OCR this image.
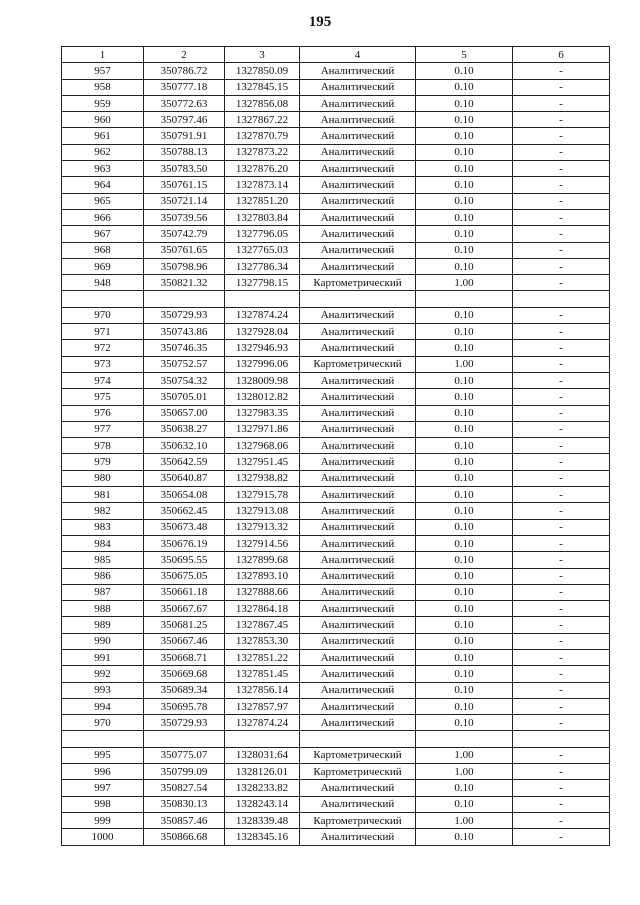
195
1	2	3	4	5	6
957	350786.72	1327850.09	Аналитический	0.10	-
958	350777.18	1327845.15	Аналитический	0.10	-
959	350772.63	1327856.08	Аналитический	0.10	-
960	350797.46	1327867.22	Аналитический	0.10	-
961	350791.91	1327870.79	Аналитический	0.10	-
962	350788.13	1327873.22	Аналитический	0.10	-
963	350783.50	1327876.20	Аналитический	0.10	-
964	350761.15	1327873.14	Аналитический	0.10	-
965	350721.14	1327851.20	Аналитический	0.10	-
966	350739.56	1327803.84	Аналитический	0.10	-
967	350742.79	1327796.05	Аналитический	0.10	-
968	350761.65	1327765.03	Аналитический	0.10	-
969	350798.96	1327786.34	Аналитический	0.10	-
948	350821.32	1327798.15	Картометрический	1.00	-

970	350729.93	1327874.24	Аналитический	0.10	-
971	350743.86	1327928.04	Аналитический	0.10	-
972	350746.35	1327946.93	Аналитический	0.10	-
973	350752.57	1327996.06	Картометрический	1.00	-
974	350754.32	1328009.98	Аналитический	0.10	-
975	350705.01	1328012.82	Аналитический	0.10	-
976	350657.00	1327983.35	Аналитический	0.10	-
977	350638.27	1327971.86	Аналитический	0.10	-
978	350632.10	1327968.06	Аналитический	0.10	-
979	350642.59	1327951.45	Аналитический	0.10	-
980	350640.87	1327938.82	Аналитический	0.10	-
981	350654.08	1327915.78	Аналитический	0.10	-
982	350662.45	1327913.08	Аналитический	0.10	-
983	350673.48	1327913.32	Аналитический	0.10	-
984	350676.19	1327914.56	Аналитический	0.10	-
985	350695.55	1327899.68	Аналитический	0.10	-
986	350675.05	1327893.10	Аналитический	0.10	-
987	350661.18	1327888.66	Аналитический	0.10	-
988	350667.67	1327864.18	Аналитический	0.10	-
989	350681.25	1327867.45	Аналитический	0.10	-
990	350667.46	1327853.30	Аналитический	0.10	-
991	350668.71	1327851.22	Аналитический	0.10	-
992	350669.68	1327851.45	Аналитический	0.10	-
993	350689.34	1327856.14	Аналитический	0.10	-
994	350695.78	1327857.97	Аналитический	0.10	-
970	350729.93	1327874.24	Аналитический	0.10	-

995	350775.07	1328031.64	Картометрический	1.00	-
996	350799.09	1328126.01	Картометрический	1.00	-
997	350827.54	1328233.82	Аналитический	0.10	-
998	350830.13	1328243.14	Аналитический	0.10	-
999	350857.46	1328339.48	Картометрический	1.00	-
1000	350866.68	1328345.16	Аналитический	0.10	-
